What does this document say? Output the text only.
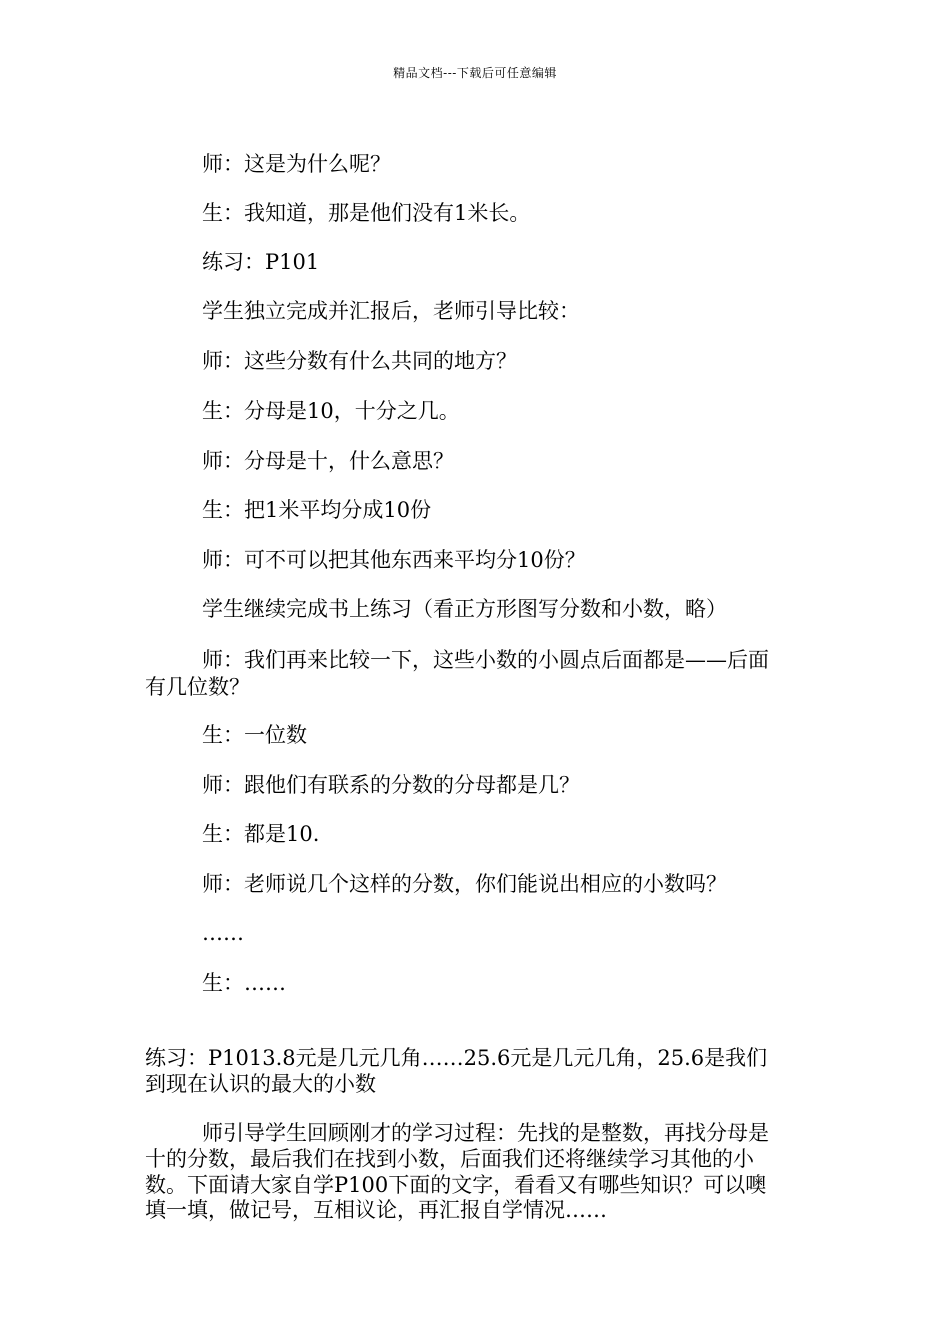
精品文档---下载后可任意编辑
师：这是为什么呢？
生：我知道，那是他们没有1米长。
练习：P101
学生独立完成并汇报后，老师引导比较：
师：这些分数有什么共同的地方？
生：分母是10，十分之几。
师：分母是十，什么意思？
生：把1米平均分成10份
师：可不可以把其他东西来平均分10份？
学生继续完成书上练习（看正方形图写分数和小数，略）
师：我们再来比较一下，这些小数的小圆点后面都是——后面
有几位数？
生：一位数
师：跟他们有联系的分数的分母都是几？
生：都是10.
师：老师说几个这样的分数，你们能说出相应的小数吗？
……
生：……
练习：P1013.8元是几元几角……25.6元是几元几角，25.6是我们
到现在认识的最大的小数
师引导学生回顾刚才的学习过程：先找的是整数，再找分母是
十的分数，最后我们在找到小数，后面我们还将继续学习其他的小
数。下面请大家自学P100下面的文字，看看又有哪些知识？可以噢
填一填，做记号，互相议论，再汇报自学情况……
